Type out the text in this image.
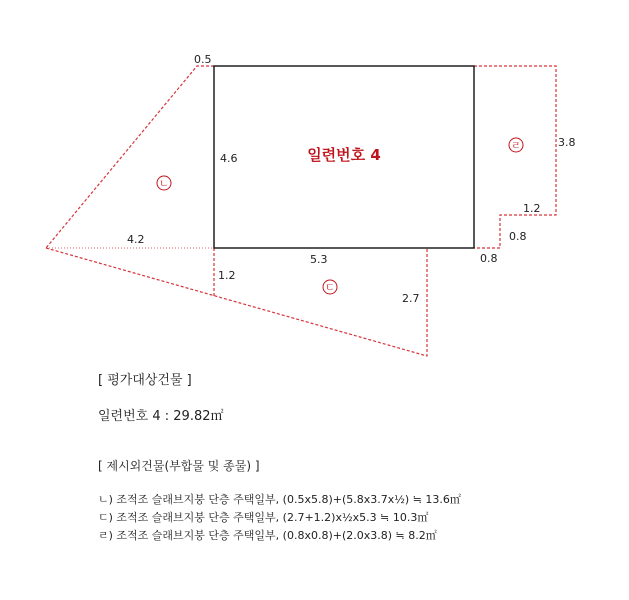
일련번호 4
ㄴ
ㄷ
ㄹ
0.5
4.6
4.2
5.3
1.2
2.7
3.8
1.2
0.8
0.8
[ 평가대상건물 ]
일련번호 4 : 29.82㎡
[ 제시외건물(부합물 및 종물) ]
ㄴ) 조적조 슬래브지붕 단층 주택일부, (0.5x5.8)+(5.8x3.7x½) ≒ 13.6㎡
ㄷ) 조적조 슬래브지붕 단층 주택일부, (2.7+1.2)x½x5.3 ≒ 10.3㎡
ㄹ) 조적조 슬래브지붕 단층 주택일부, (0.8x0.8)+(2.0x3.8) ≒ 8.2㎡
